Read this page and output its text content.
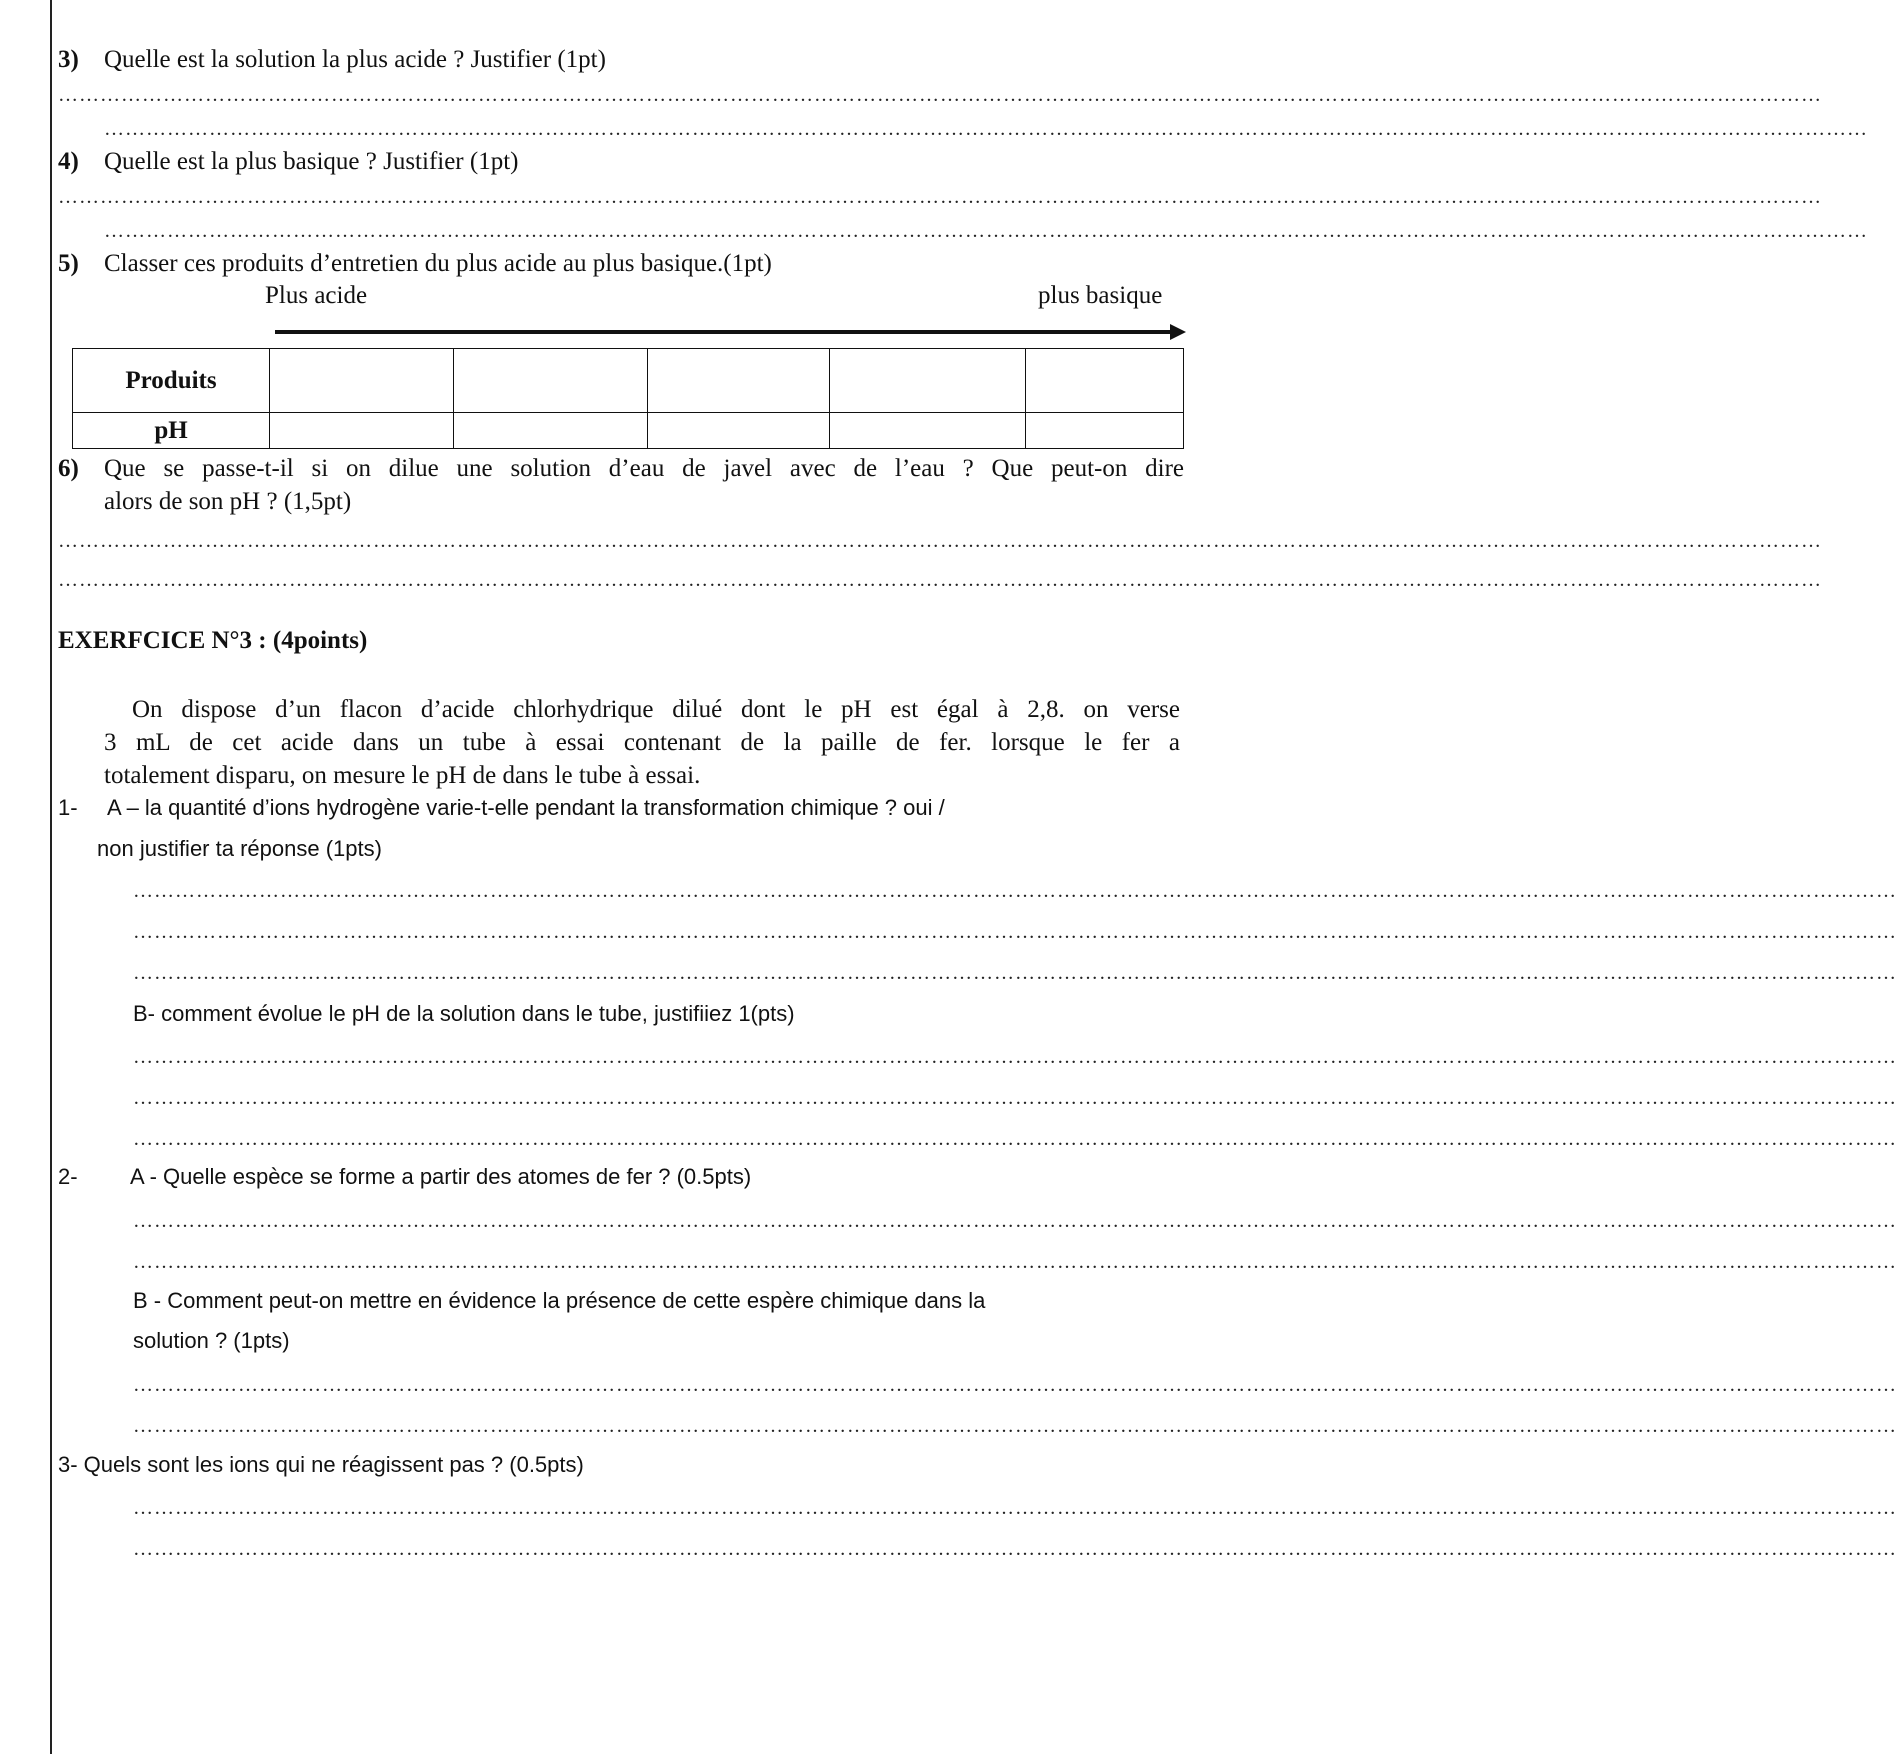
3) Quelle est la solution la plus acide ? Justifier (1pt)
………………………………………………………………………………………………………………………………………………………………………………………………………………………………
………………………………………………………………………………………………………………………………………………………………………………………………………………………………
4) Quelle est la plus basique ? Justifier (1pt)
………………………………………………………………………………………………………………………………………………………………………………………………………………………………
………………………………………………………………………………………………………………………………………………………………………………………………………………………………
5) Classer ces produits d’entretien du plus acide au plus basique.(1pt)
Plus acide	plus basique
Produits					
pH					
6) Que se passe-t-il si on dilue une solution d’eau de javel avec de l’eau ? Que peut-on dire
alors de son pH ? (1,5pt)
………………………………………………………………………………………………………………………………………………………………………………………………………………………………
………………………………………………………………………………………………………………………………………………………………………………………………………………………………
EXERFCICE N°3 : (4points)
On dispose d’un flacon d’acide chlorhydrique dilué dont le pH est égal à 2,8. on verse
3 mL de cet acide dans un tube à essai contenant de la paille de fer. lorsque le fer a
totalement disparu, on mesure le pH de dans le tube à essai.
1- A – la quantité d’ions hydrogène varie-t-elle pendant la transformation chimique ? oui /
non justifier ta réponse (1pts)
………………………………………………………………………………………………………………………………………………………………………………………………………………………………
………………………………………………………………………………………………………………………………………………………………………………………………………………………………
………………………………………………………………………………………………………………………………………………………………………………………………………………………………
B- comment évolue le pH de la solution dans le tube, justifiiez 1(pts)
………………………………………………………………………………………………………………………………………………………………………………………………………………………………
………………………………………………………………………………………………………………………………………………………………………………………………………………………………
………………………………………………………………………………………………………………………………………………………………………………………………………………………………
2- A - Quelle espèce se forme a partir des atomes de fer ? (0.5pts)
………………………………………………………………………………………………………………………………………………………………………………………………………………………………
………………………………………………………………………………………………………………………………………………………………………………………………………………………………
B - Comment peut-on mettre en évidence la présence de cette espère chimique dans la
solution ? (1pts)
………………………………………………………………………………………………………………………………………………………………………………………………………………………………
………………………………………………………………………………………………………………………………………………………………………………………………………………………………
3- Quels sont les ions qui ne réagissent pas ? (0.5pts)
………………………………………………………………………………………………………………………………………………………………………………………………………………………………
………………………………………………………………………………………………………………………………………………………………………………………………………………………………
